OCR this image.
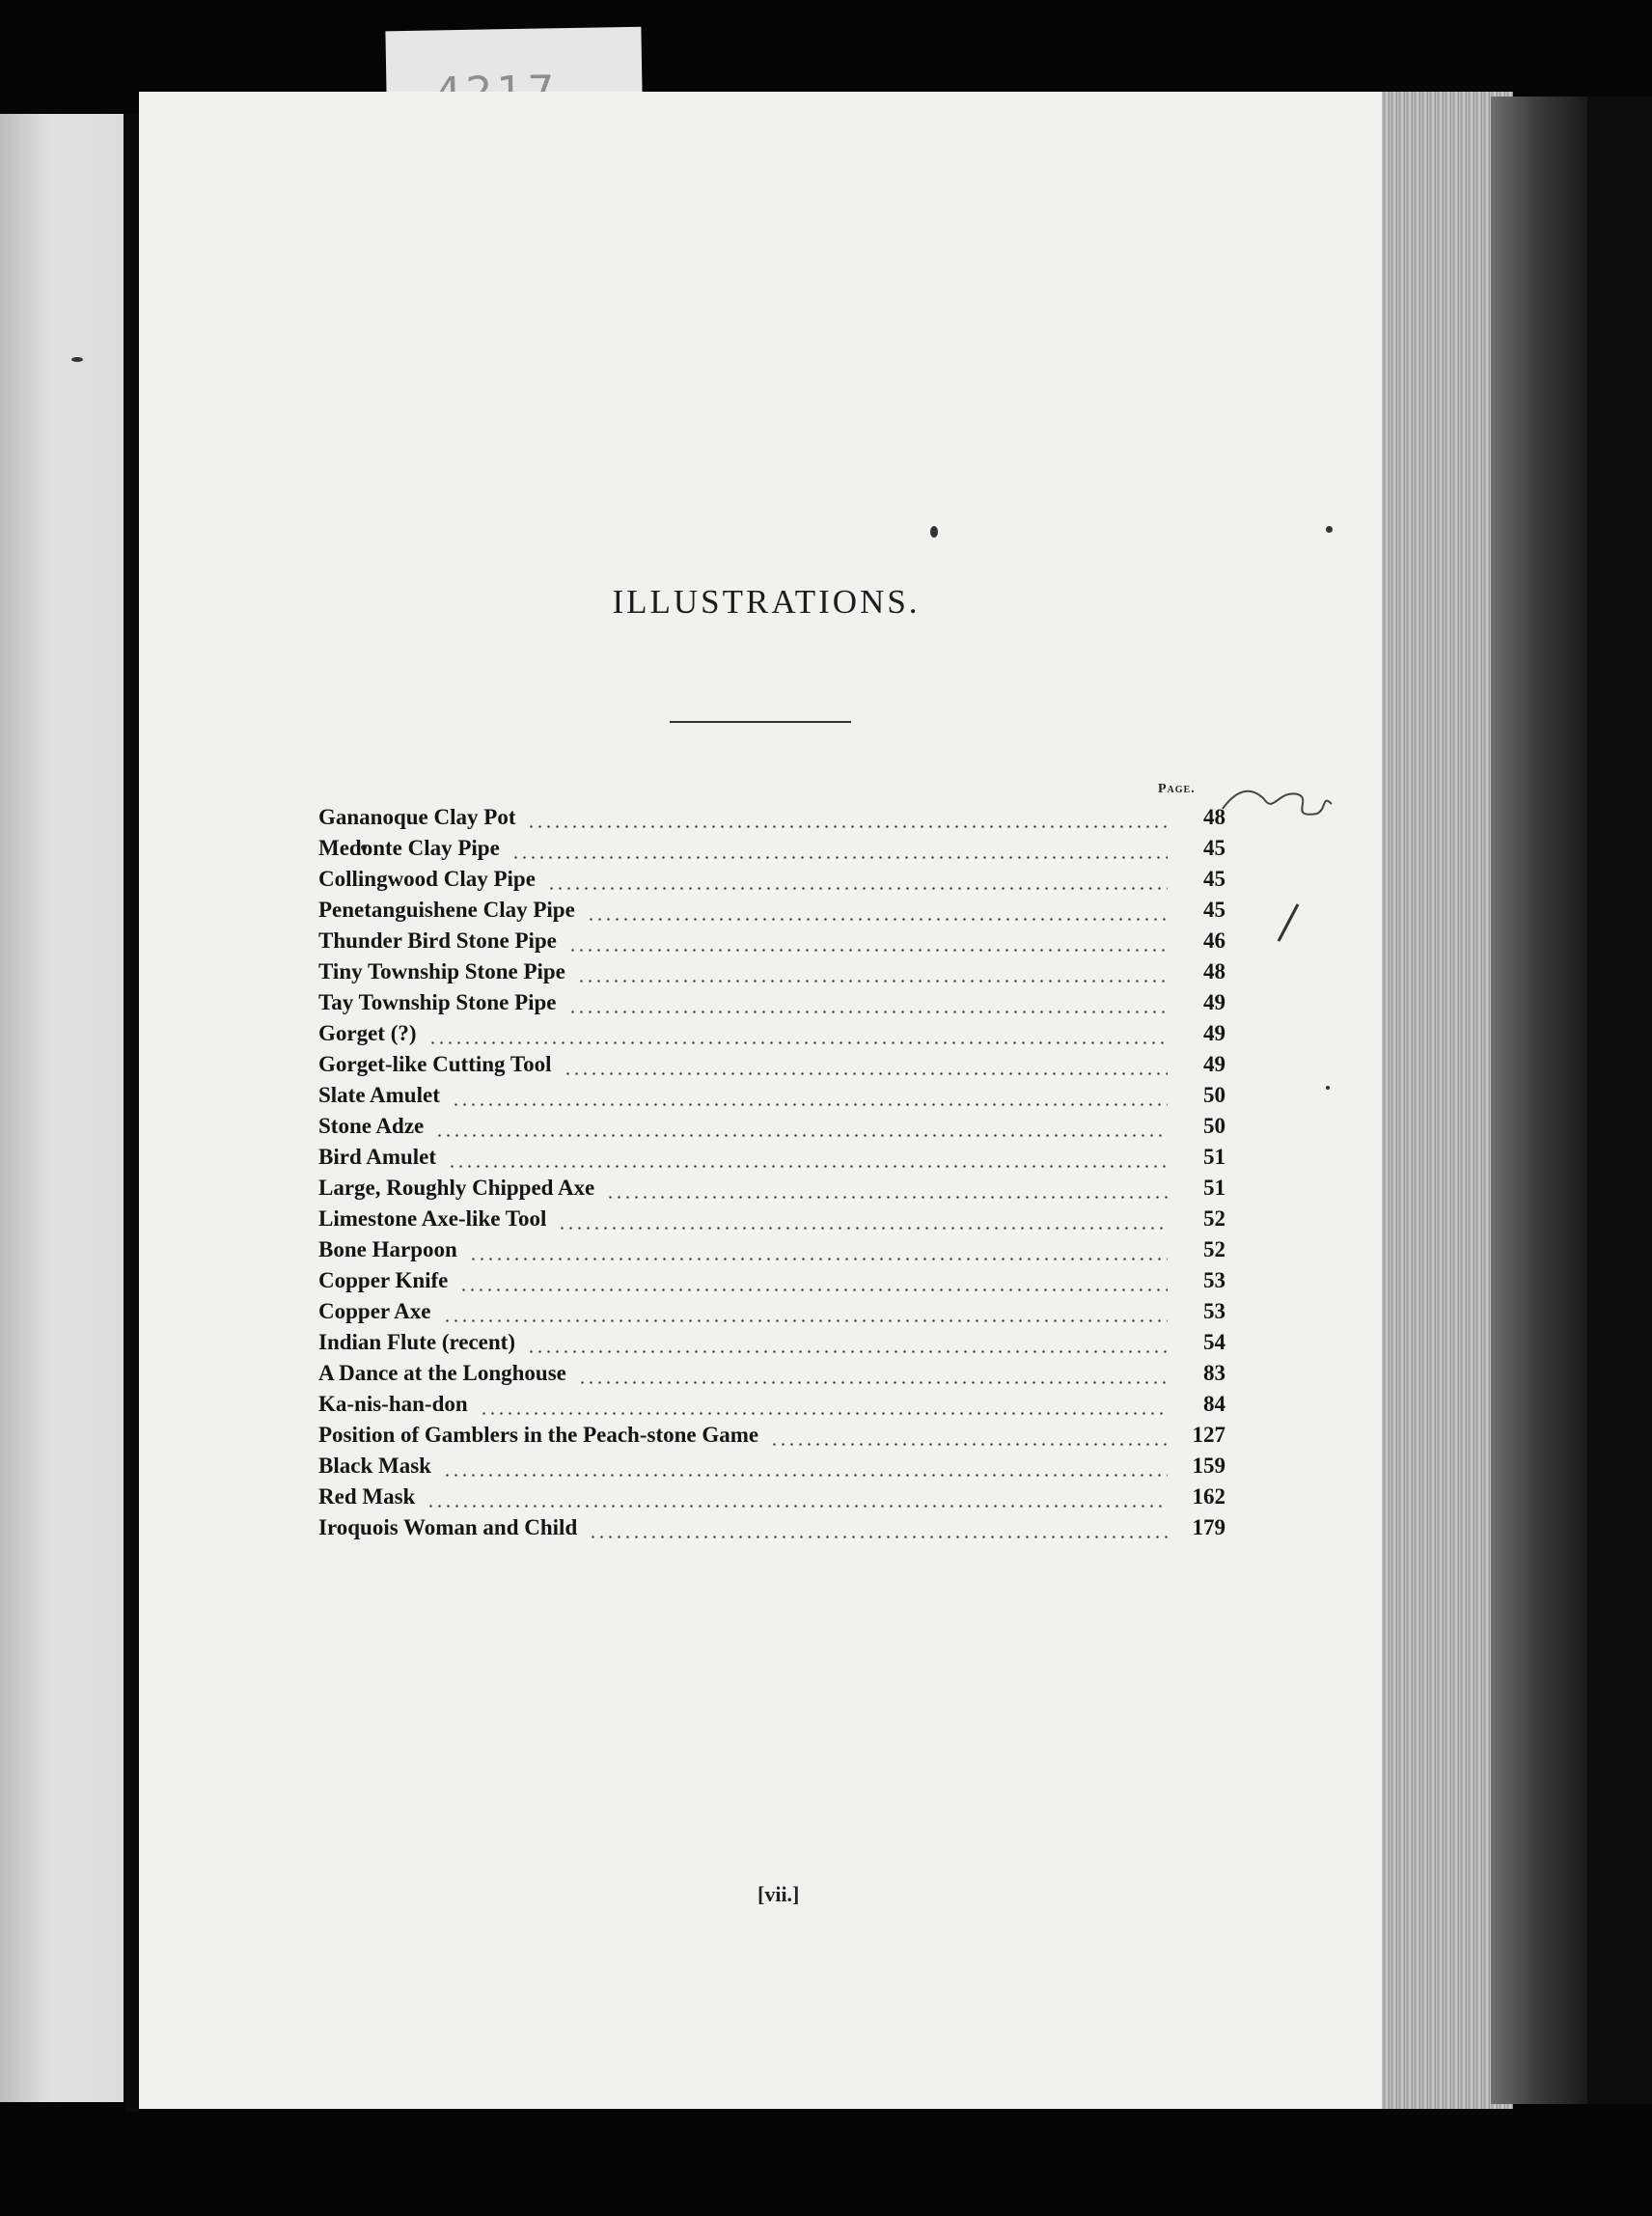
ILLUSTRATIONS.
Page.
Gananoque Clay Pot	48
Medonte Clay Pipe	45
Collingwood Clay Pipe	45
Penetanguishene Clay Pipe	45
Thunder Bird Stone Pipe	46
Tiny Township Stone Pipe	48
Tay Township Stone Pipe	49
Gorget (?)	49
Gorget-like Cutting Tool	49
Slate Amulet	50
Stone Adze	50
Bird Amulet	51
Large, Roughly Chipped Axe	51
Limestone Axe-like Tool	52
Bone Harpoon	52
Copper Knife	53
Copper Axe	53
Indian Flute (recent)	54
A Dance at the Longhouse	83
Ka-nis-han-don	84
Position of Gamblers in the Peach-stone Game	127
Black Mask	159
Red Mask	162
Iroquois Woman and Child	179
[vii.]
